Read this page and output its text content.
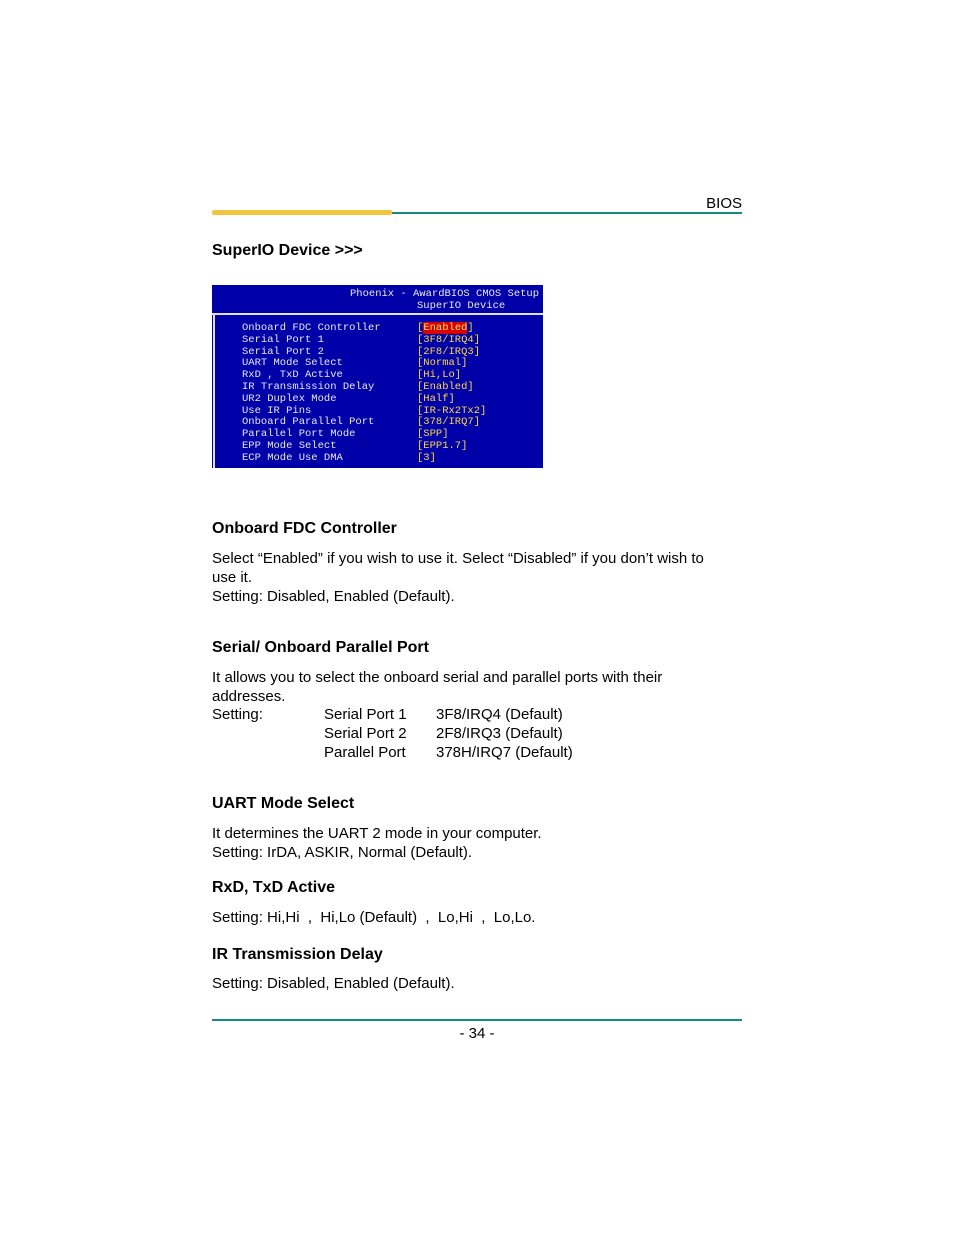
BIOS
SuperIO Device >>>
Phoenix - AwardBIOS CMOS Setup
SuperIO Device
Onboard FDC Controller	[Enabled]
Serial Port 1	[3F8/IRQ4]
Serial Port 2	[2F8/IRQ3]
UART Mode Select	[Normal]
RxD , TxD Active	[Hi,Lo]
IR Transmission Delay	[Enabled]
UR2 Duplex Mode	[Half]
Use IR Pins	[IR-Rx2Tx2]
Onboard Parallel Port	[378/IRQ7]
Parallel Port Mode	[SPP]
EPP Mode Select	[EPP1.7]
ECP Mode Use DMA	[3]
Onboard FDC Controller
Select “Enabled” if you wish to use it. Select “Disabled” if you don’t wish to
use it.
Setting: Disabled, Enabled (Default).
Serial/ Onboard Parallel Port
It allows you to select the onboard serial and parallel ports with their
addresses.
Setting:	Serial Port 1 3F8/IRQ4 (Default)
Serial Port 2 2F8/IRQ3 (Default)
Parallel Port 378H/IRQ7 (Default)
UART Mode Select
It determines the UART 2 mode in your computer.
Setting: IrDA, ASKIR, Normal (Default).
RxD, TxD Active
Setting: Hi,Hi  ,  Hi,Lo (Default)  ,  Lo,Hi  ,  Lo,Lo.
IR Transmission Delay
Setting: Disabled, Enabled (Default).
- 34 -
